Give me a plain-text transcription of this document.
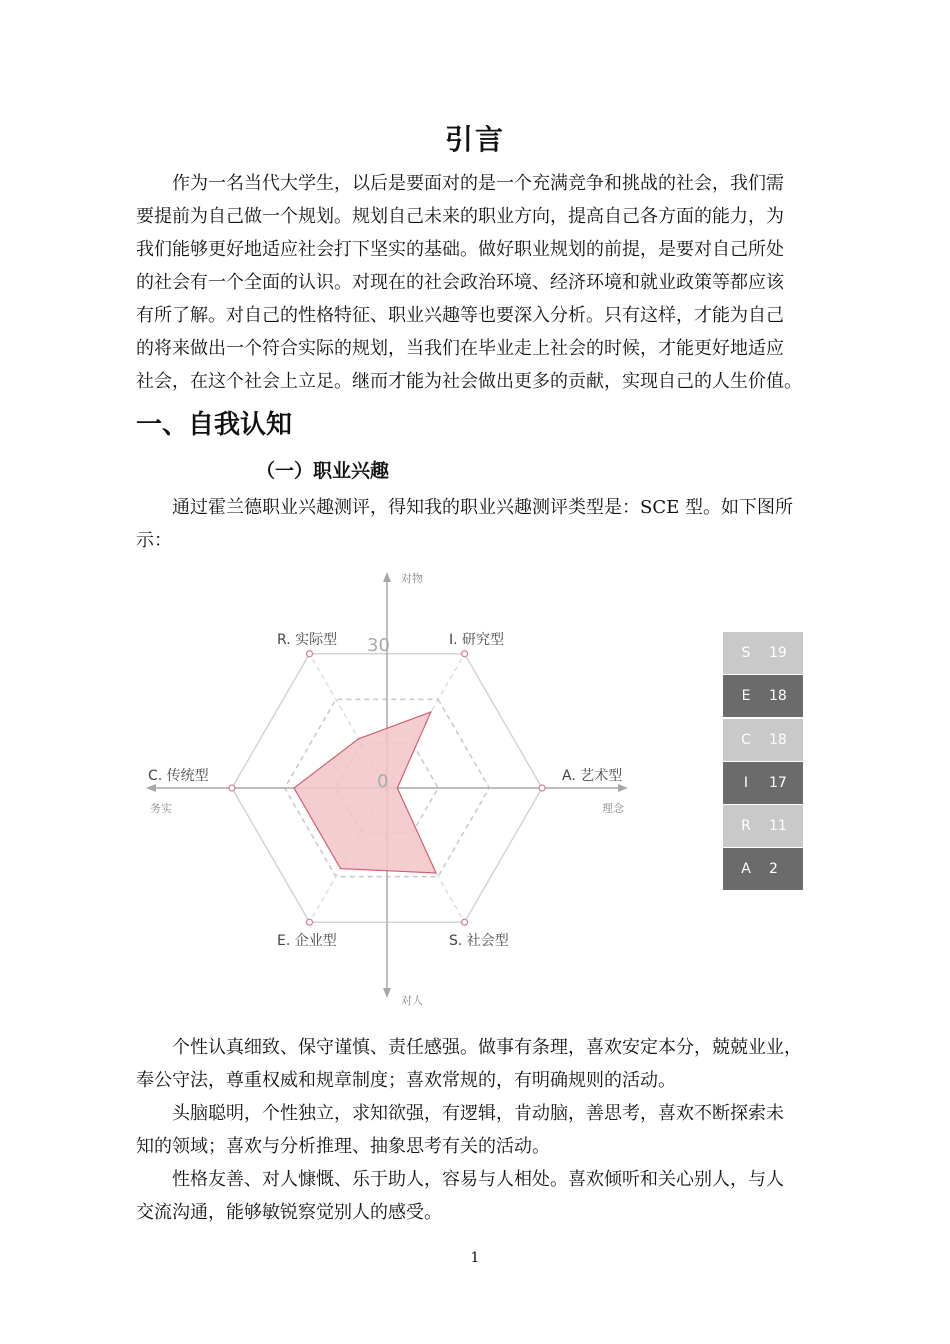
引言
作为一名当代大学生，以后是要面对的是一个充满竞争和挑战的社会，我们需
要提前为自己做一个规划。规划自己未来的职业方向，提高自己各方面的能力，为
我们能够更好地适应社会打下坚实的基础。做好职业规划的前提，是要对自己所处
的社会有一个全面的认识。对现在的社会政治环境、经济环境和就业政策等都应该
有所了解。对自己的性格特征、职业兴趣等也要深入分析。只有这样，才能为自己
的将来做出一个符合实际的规划，当我们在毕业走上社会的时候，才能更好地适应
社会，在这个社会上立足。继而才能为社会做出更多的贡献，实现自己的人生价值。
一、自我认知
（一）职业兴趣
通过霍兰德职业兴趣测评，得知我的职业兴趣测评类型是：SCE 型。如下图所
示：
30
0
I. 研究型
A. 艺术型
S. 社会型
E. 企业型
C. 传统型
R. 实际型
对物
对人
务实	理念
S	19
E	18
C	18
I	17
R	11
A	2
个性认真细致、保守谨慎、责任感强。做事有条理，喜欢安定本分，兢兢业业，
奉公守法，尊重权威和规章制度；喜欢常规的，有明确规则的活动。
头脑聪明，个性独立，求知欲强，有逻辑，肯动脑，善思考，喜欢不断探索未
知的领域；喜欢与分析推理、抽象思考有关的活动。
性格友善、对人慷慨、乐于助人，容易与人相处。喜欢倾听和关心别人，与人
交流沟通，能够敏锐察觉别人的感受。
1
